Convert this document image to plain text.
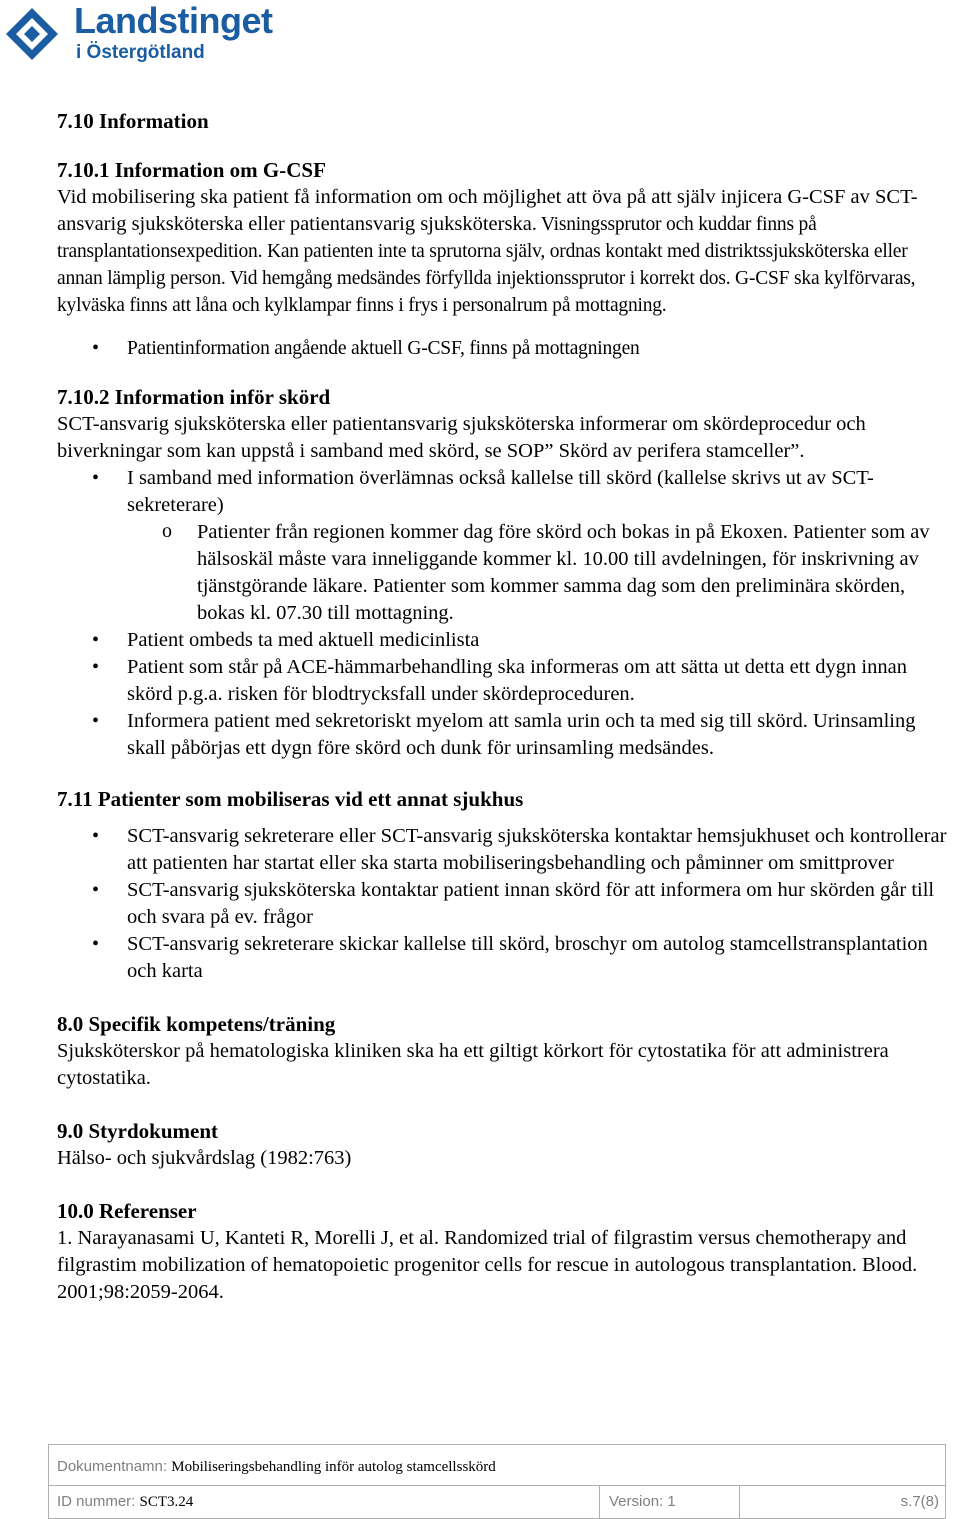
Landstinget
i Östergötland
7.10 Information
7.10.1 Information om G-CSF
Vid mobilisering ska patient få information om och möjlighet att öva på att själv injicera G-CSF av SCT-ansvarig sjuksköterska eller patientansvarig sjuksköterska. Visningssprutor och kuddar finns på transplantationsexpedition. Kan patienten inte ta sprutorna själv, ordnas kontakt med distriktssjuksköterska eller annan lämplig person. Vid hemgång medsändes förfyllda injektionssprutor i korrekt dos. G-CSF ska kylförvaras, kylväska finns att låna och kylklampar finns i frys i personalrum på mottagning.
• Patientinformation angående aktuell G-CSF, finns på mottagningen
7.10.2 Information inför skörd
SCT-ansvarig sjuksköterska eller patientansvarig sjuksköterska informerar om skördeprocedur och biverkningar som kan uppstå i samband med skörd, se SOP” Skörd av perifera stamceller”.
• I samband med information överlämnas också kallelse till skörd (kallelse skrivs ut av SCT-sekreterare)
o Patienter från regionen kommer dag före skörd och bokas in på Ekoxen. Patienter som av hälsoskäl måste vara inneliggande kommer kl. 10.00 till avdelningen, för inskrivning av tjänstgörande läkare. Patienter som kommer samma dag som den preliminära skörden, bokas kl. 07.30 till mottagning.
• Patient ombeds ta med aktuell medicinlista
• Patient som står på ACE-hämmarbehandling ska informeras om att sätta ut detta ett dygn innan skörd p.g.a. risken för blodtrycksfall under skördeproceduren.
• Informera patient med sekretoriskt myelom att samla urin och ta med sig till skörd. Urinsamling skall påbörjas ett dygn före skörd och dunk för urinsamling medsändes.
7.11 Patienter som mobiliseras vid ett annat sjukhus
• SCT-ansvarig sekreterare eller SCT-ansvarig sjuksköterska kontaktar hemsjukhuset och kontrollerar att patienten har startat eller ska starta mobiliseringsbehandling och påminner om smittprover
• SCT-ansvarig sjuksköterska kontaktar patient innan skörd för att informera om hur skörden går till och svara på ev. frågor
• SCT-ansvarig sekreterare skickar kallelse till skörd, broschyr om autolog stamcellstransplantation och karta
8.0 Specifik kompetens/träning
Sjuksköterskor på hematologiska kliniken ska ha ett giltigt körkort för cytostatika för att administrera cytostatika.
9.0 Styrdokument
Hälso- och sjukvårdslag (1982:763)
10.0 Referenser
1. Narayanasami U, Kanteti R, Morelli J, et al. Randomized trial of filgrastim versus chemotherapy and filgrastim mobilization of hematopoietic progenitor cells for rescue in autologous transplantation. Blood. 2001;98:2059-2064.
Dokumentnamn: Mobiliseringsbehandling inför autolog stamcellsskörd
ID nummer: SCT3.24	Version: 1	s.7(8)
